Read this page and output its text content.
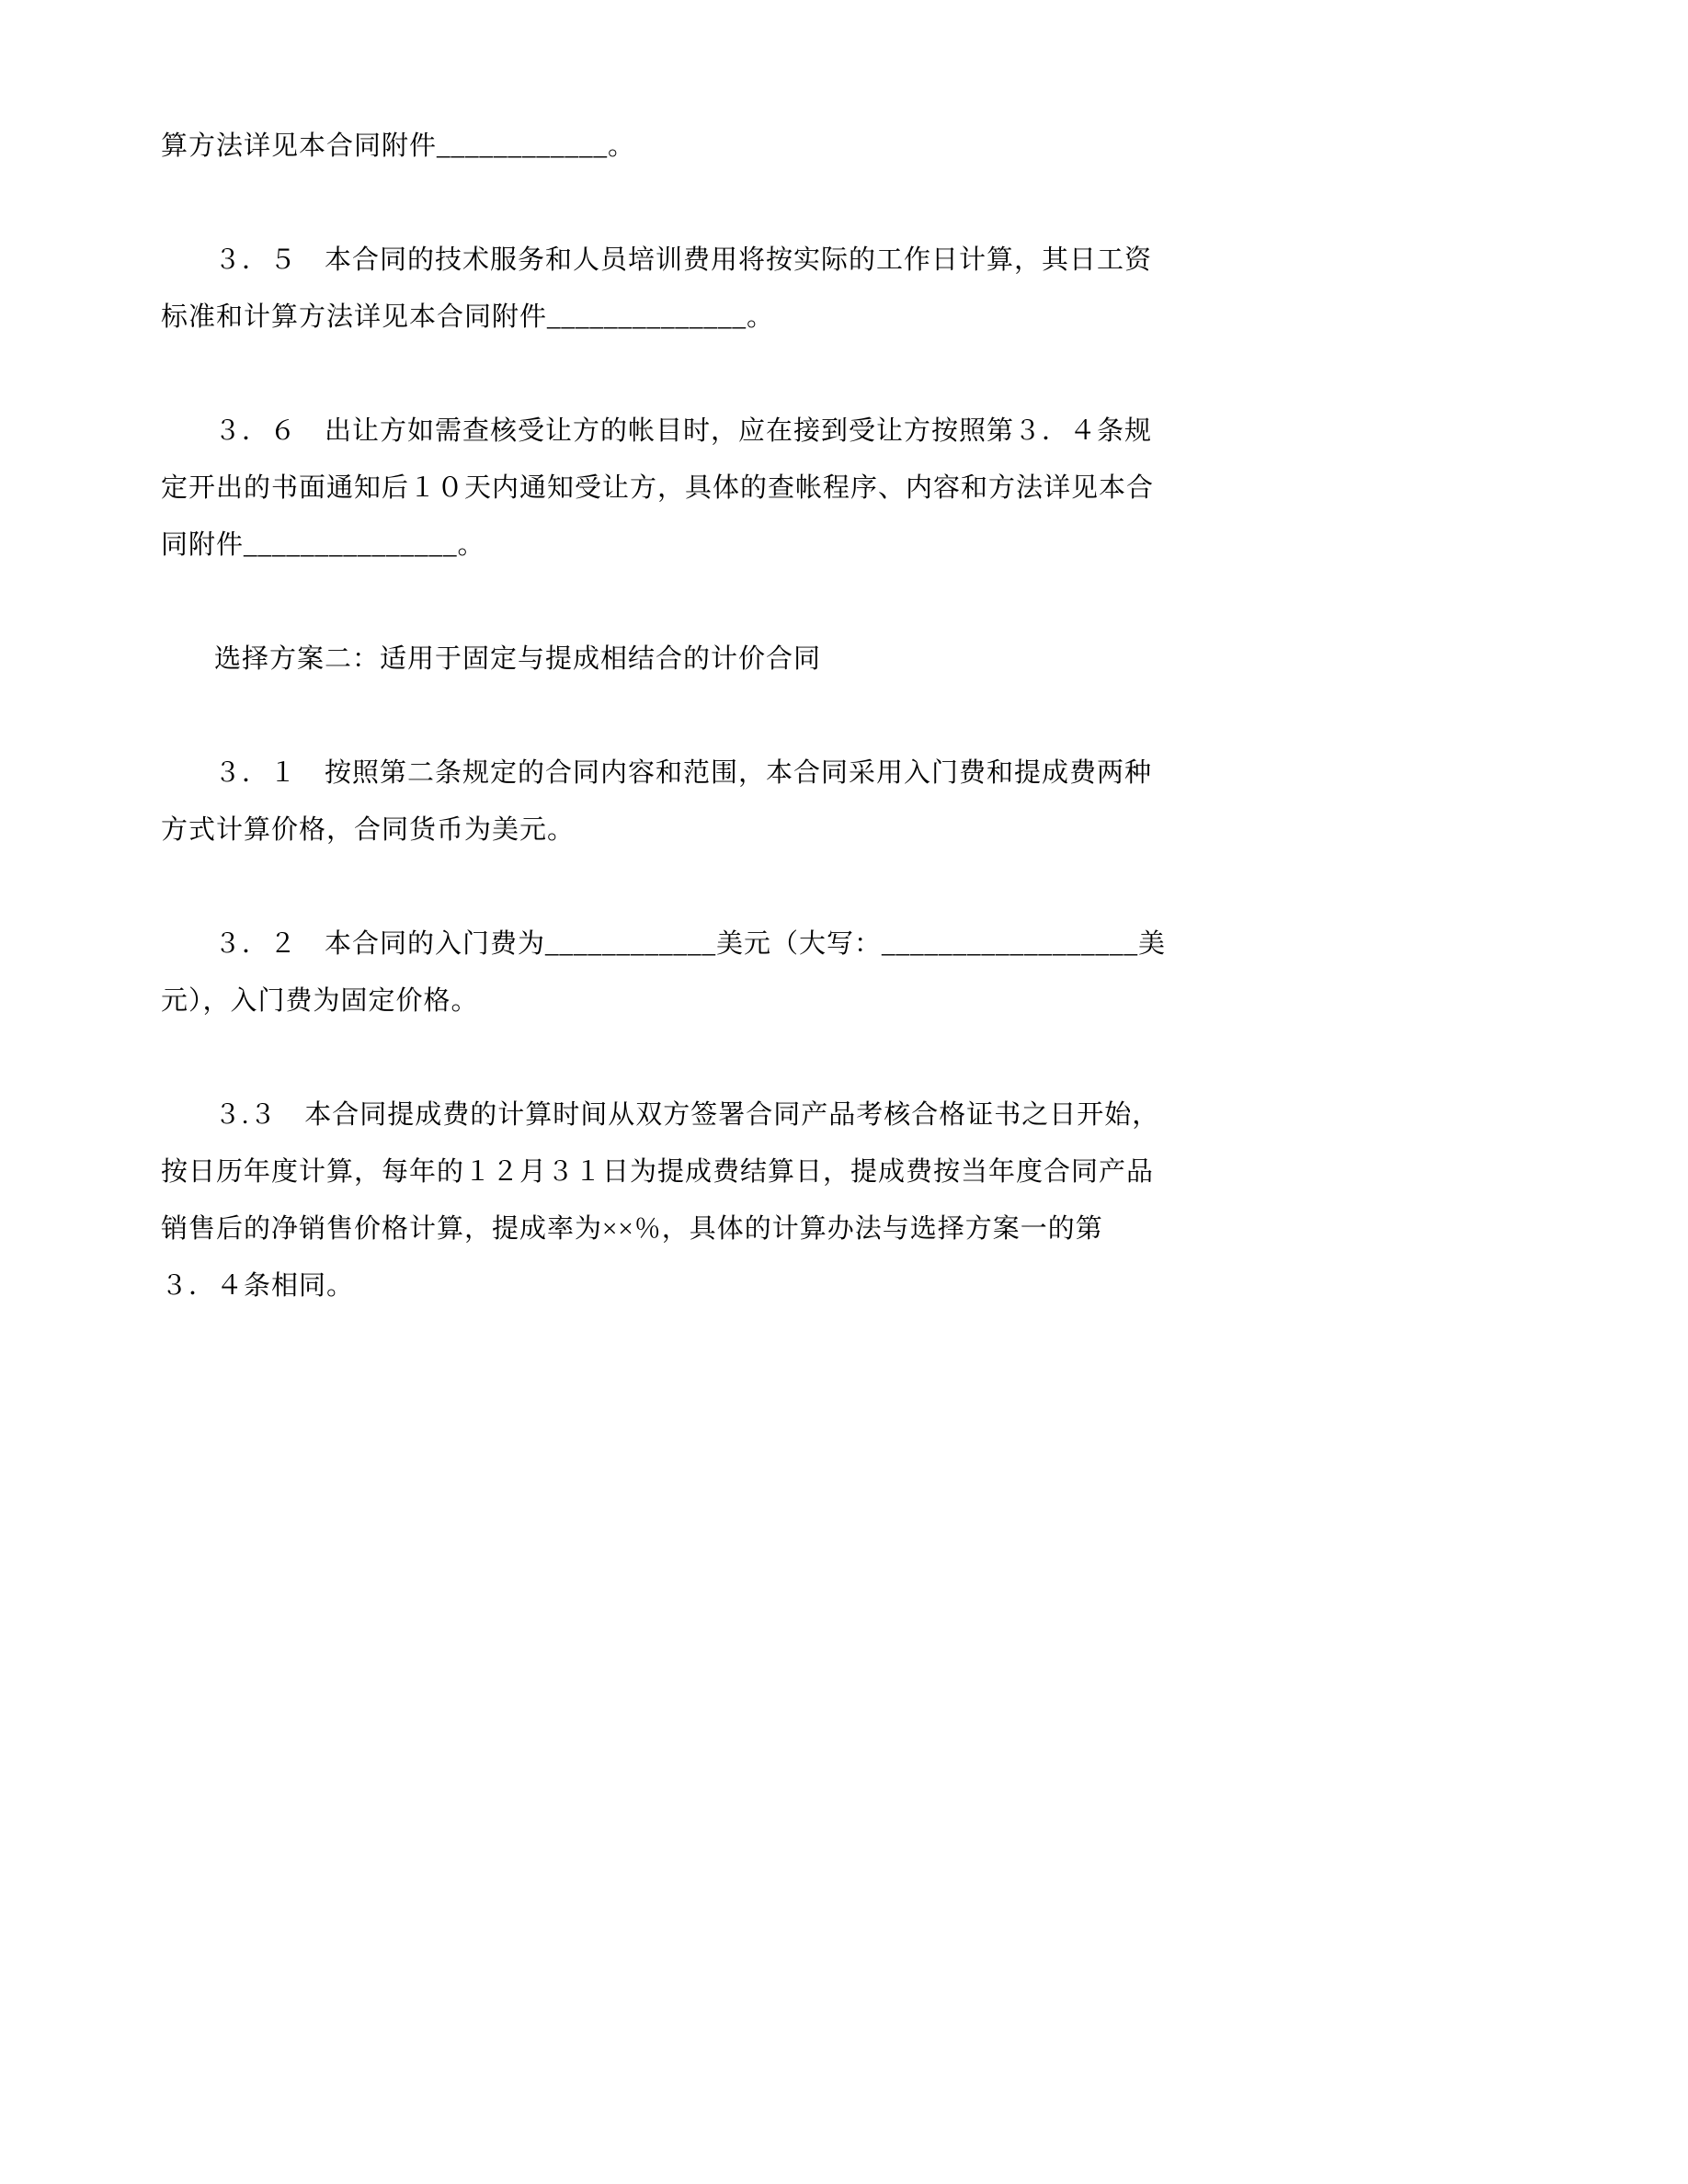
算方法详见本合同附件____________。
３．５　本合同的技术服务和人员培训费用将按实际的工作日计算，其日工资
标准和计算方法详见本合同附件______________。
３．６　出让方如需查核受让方的帐目时，应在接到受让方按照第３．４条规
定开出的书面通知后１０天内通知受让方，具体的查帐程序、内容和方法详见本合
同附件_______________。
选择方案二：适用于固定与提成相结合的计价合同
３．１　按照第二条规定的合同内容和范围，本合同采用入门费和提成费两种
方式计算价格，合同货币为美元。
３．２　本合同的入门费为____________美元（大写：__________________美
元），入门费为固定价格。
３.３　本合同提成费的计算时间从双方签署合同产品考核合格证书之日开始，
按日历年度计算，每年的１２月３１日为提成费结算日，提成费按当年度合同产品
销售后的净销售价格计算，提成率为××％，具体的计算办法与选择方案一的第
３．４条相同。
